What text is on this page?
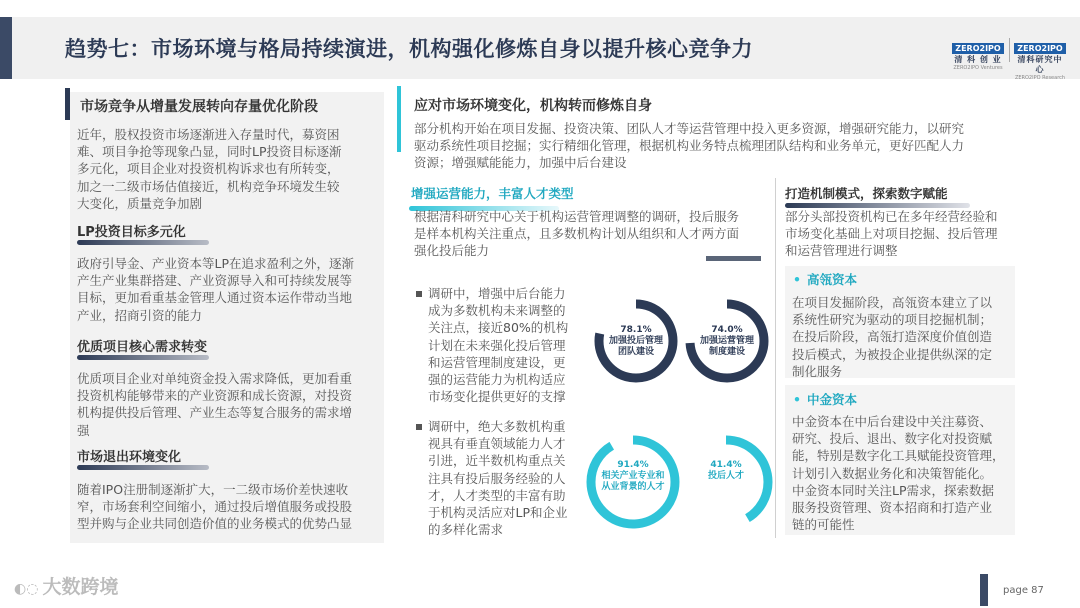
趋势七：市场环境与格局持续演进，机构强化修炼自身以提升核心竞争力	ZERO2IPO
清 科 创 业
ZERO2IPO Ventures
ZERO2IPO
清科研究中心
ZERO2IPO Research
市场竞争从增量发展转向存量优化阶段
近年，股权投资市场逐渐进入存量时代，募资困
难、项目争抢等现象凸显，同时LP投资目标逐渐
多元化，项目企业对投资机构诉求也有所转变，
加之一二级市场估值接近，机构竞争环境发生较
大变化，质量竞争加剧
LP投资目标多元化
政府引导金、产业资本等LP在追求盈利之外，逐渐
产生产业集群搭建、产业资源导入和可持续发展等
目标，更加看重基金管理人通过资本运作带动当地
产业，招商引资的能力
优质项目核心需求转变
优质项目企业对单纯资金投入需求降低，更加看重
投资机构能够带来的产业资源和成长资源，对投资
机构提供投后管理、产业生态等复合服务的需求增
强
市场退出环境变化
随着IPO注册制逐渐扩大，一二级市场价差快速收
窄，市场套利空间缩小，通过投后增值服务或投股
型并购与企业共同创造价值的业务模式的优势凸显
应对市场环境变化，机构转而修炼自身
部分机构开始在项目发掘、投资决策、团队人才等运营管理中投入更多资源，增强研究能力，以研究
驱动系统性项目挖掘；实行精细化管理，根据机构业务特点梳理团队结构和业务单元，更好匹配人力
资源；增强赋能能力，加强中后台建设
增强运营能力，丰富人才类型
根据清科研究中心关于机构运营管理调整的调研，投后服务
是样本机构关注重点，且多数机构计划从组织和人才两方面
强化投后能力
调研中，增强中后台能力
成为多数机构未来调整的
关注点，接近80%的机构
计划在未来强化投后管理
和运营管理制度建设，更
强的运营能力为机构适应
市场变化提供更好的支撑
调研中，绝大多数机构重
视具有垂直领域能力人才
引进，近半数机构重点关
注具有投后服务经验的人
才，人才类型的丰富有助
于机构灵活应对LP和企业
的多样化需求
78.1%
加强投后管理
团队建设
74.0%
加强运营管理
制度建设
91.4%
相关产业专业和
从业背景的人才
41.4%
投后人才
打造机制模式，探索数字赋能
部分头部投资机构已在多年经营经验和
市场变化基础上对项目挖掘、投后管理
和运营管理进行调整
• 高瓴资本
在项目发掘阶段，高瓴资本建立了以
系统性研究为驱动的项目挖掘机制；
在投后阶段，高瓴打造深度价值创造
投后模式，为被投企业提供纵深的定
制化服务
• 中金资本
中金资本在中后台建设中关注募资、
研究、投后、退出、数字化对投资赋
能，特别是数字化工具赋能投资管理，
计划引入数据业务化和决策智能化。
中金资本同时关注LP需求，探索数据
服务投资管理、资本招商和打造产业
链的可能性
◐◌ 大数跨境	page 87
